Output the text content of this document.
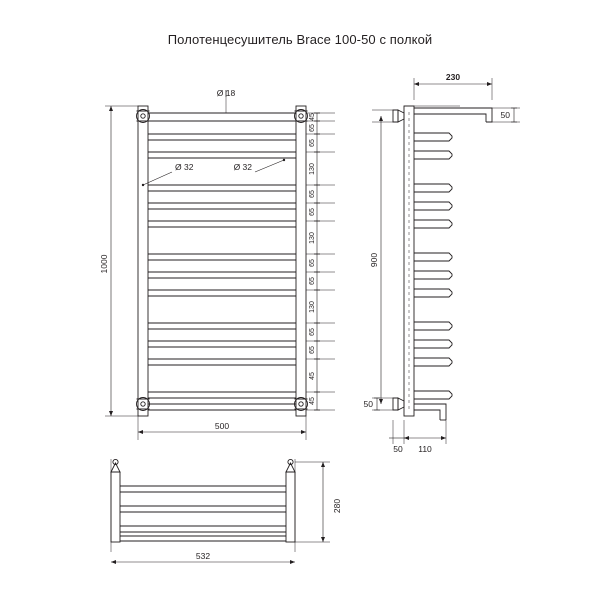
Полотенцесушитель Brace 100-50 с полкой
1000
500
Ø 18
Ø 32	Ø 32
45
65
65
130
65
65
130
65
65
130
65
65
45
45
230
900
50
50
50 110
280
532
